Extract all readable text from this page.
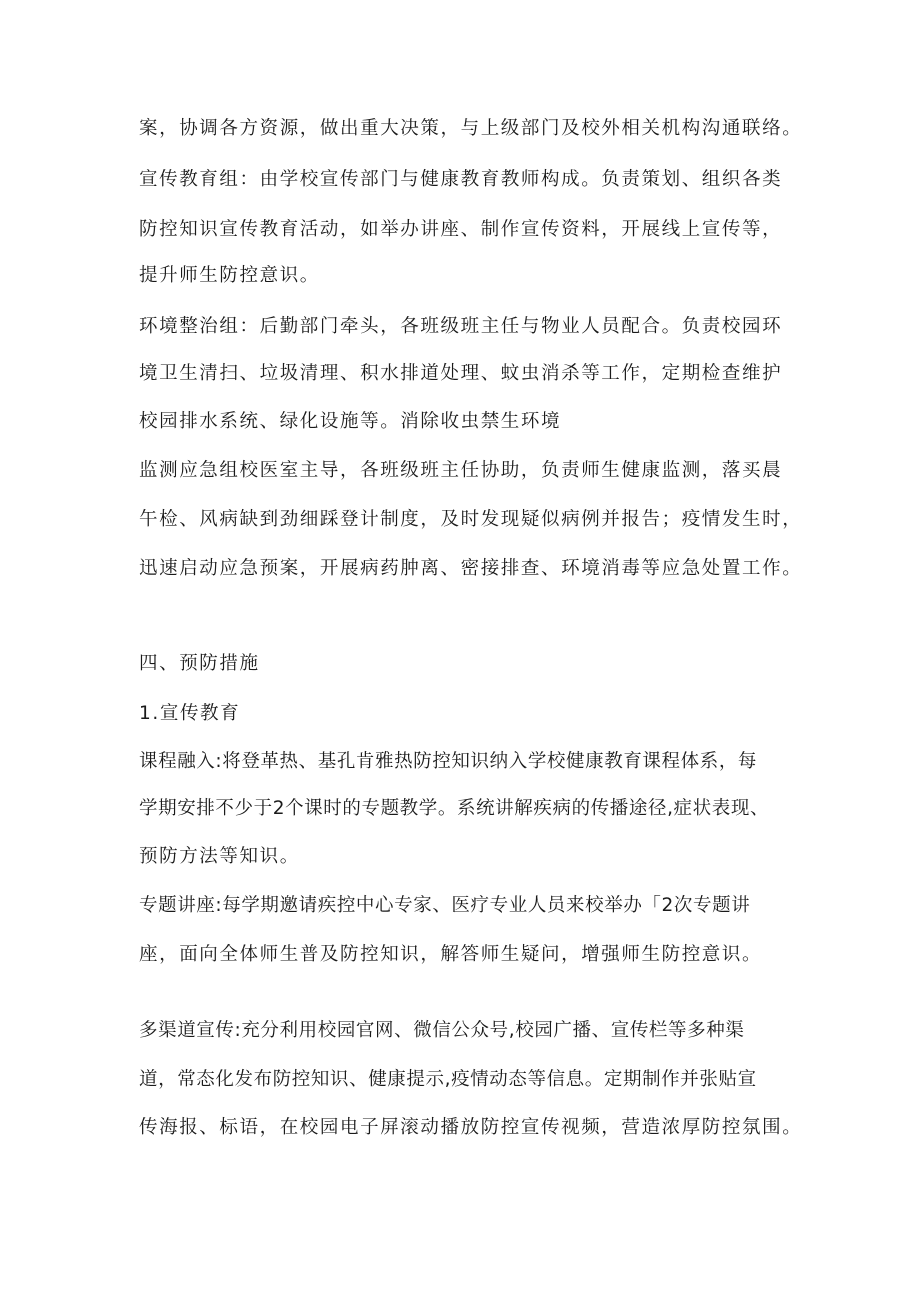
案，协调各方资源，做出重大决策，与上级部门及校外相关机构沟通联络。
宣传教育组：由学校宣传部门与健康教育教师构成。负责策划、组织各类
防控知识宣传教育活动，如举办讲座、制作宣传资料，开展线上宣传等，
提升师生防控意识。
环境整治组：后勤部门牵头，各班级班主任与物业人员配合。负责校园环
境卫生清扫、垃圾清理、积水排道处理、蚊虫消杀等工作，定期检查维护
校园排水系统、绿化设施等。消除收虫禁生环境
监测应急组校医室主导，各班级班主任协助，负责师生健康监测，落买晨
午检、风病缺到劲细踩登计制度，及时发现疑似病例并报告；疫情发生时，
迅速启动应急预案，开展病药肿离、密接排查、环境消毒等应急处置工作。
四、预防措施
1.宣传教育
课程融入:将登革热、基孔肯雅热防控知识纳入学校健康教育课程体系，每
学期安排不少于2个课时的专题教学。系统讲解疾病的传播途径,症状表现、
预防方法等知识。
专题讲座:每学期邀请疾控中心专家、医疗专业人员来校举办「2次专题讲
座，面向全体师生普及防控知识，解答师生疑问，增强师生防控意识。
多渠道宣传:充分利用校园官网、微信公众号,校园广播、宣传栏等多种渠
道，常态化发布防控知识、健康提示,疫情动态等信息。定期制作并张贴宣
传海报、标语，在校园电子屏滚动播放防控宣传视频，营造浓厚防控氛围。
